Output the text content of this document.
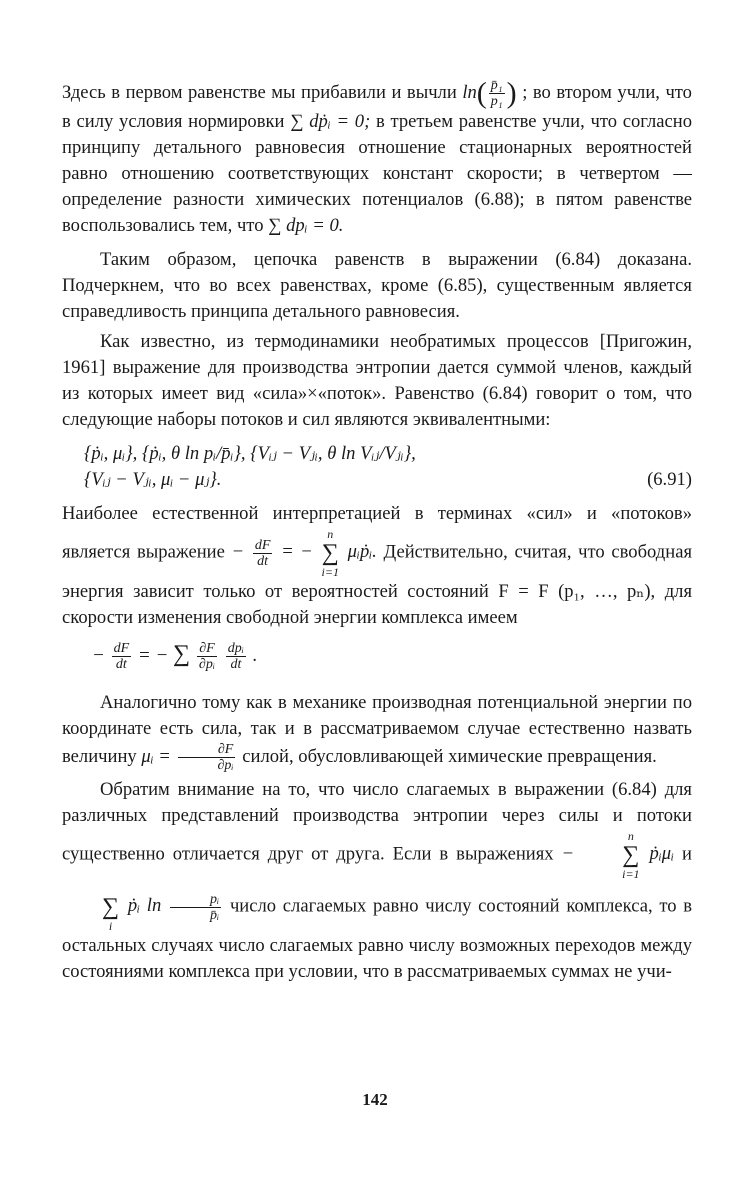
Здесь в первом равенстве мы прибавили и вычли $\ln( \frac{\text{p̄₁}}{\text{p₁}}$ ) ; во втором учли, что в силу условия нормировки ∑ dṗᵢ = 0; в третьем равенстве учли, что согласно принципу детального равновесия отношение стационарных вероятностей равно отношению соответствующих констант скорости; в четвертом — определение разности химических потенциалов (6.88); в пятом равенстве воспользовались тем, что ∑ dpᵢ = 0.

Таким образом, цепочка равенств в выражении (6.84) доказана. Подчеркнем, что во всех равенствах, кроме (6.85), существенным является справедливость принципа детального равновесия.

Как известно, из термодинамики необратимых процессов [Пригожин, 1961] выражение для производства энтропии дается суммой членов, каждый из которых имеет вид «сила»×«поток». Равенство (6.84) говорит о том, что следующие наборы потоков и сил являются эквивалентными:

{ṗᵢ, μᵢ}, {ṗᵢ, θ ln pᵢ/p̄ᵢ}, {Vᵢⱼ − Vⱼᵢ, θ ln Vᵢⱼ/Vⱼᵢ},
{Vᵢⱼ − Vⱼᵢ, μᵢ − μⱼ}.	(6.91)

Наиболее естественной интерпретацией в терминах «сил» и «потоков» является выражение − $\frac{dF}{dt}$ = −
n
∑
i=1
μᵢṗᵢ. Действительно, считая, что свободная энергия зависит только от вероятностей состояний F = F (p₁, …, pₙ), для скорости изменения свободной энергии комплекса имеем

− $\frac{dF}{dt}$ = − ∑ $\frac{\partial F}{\text{∂pᵢ}}$
$\frac{\text{dpᵢ}}{dt}$ .

Аналогично тому как в механике производная потенциальной энергии по координате есть сила, так и в рассматриваемом случае естественно назвать величину μᵢ = $\frac{\partial F}{\text{∂pᵢ}}$ силой, обусловливающей химические превращения.

Обратим внимание на то, что число слагаемых в выражении (6.84) для различных представлений производства энтропии через силы и потоки существенно отличается друг от друга. Если в выражениях −
n
∑
i=1
ṗᵢμᵢ и

∑
i
ṗᵢ $\ln \frac{\text{pᵢ}}{\text{p̄ᵢ}}$ число слагаемых равно числу состояний комплекса, то в остальных случаях число слагаемых равно числу возможных переходов между состояниями комплекса при условии, что в рассматриваемых суммах не учи-

142
